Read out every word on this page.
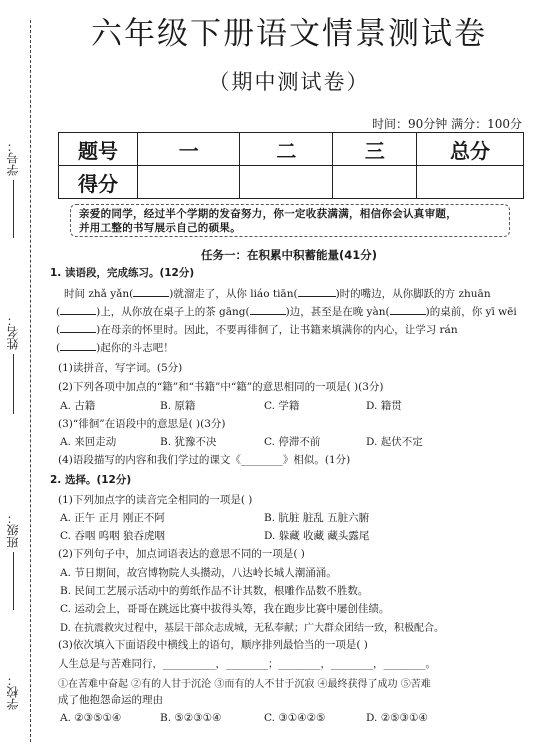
学号：
姓名：
班级：
学校：
六年级下册语文情景测试卷
（期中测试卷）
时间：90分钟 满分：100分
题号	一	二	三	总分
得分				
亲爱的同学，经过半个学期的发奋努力，你一定收获满满，相信你会认真审题，
并用工整的书写展示自己的硕果。
任务一：在积累中积蓄能量(41分)
1. 读语段，完成练习。(12分)
时间 zhǎ yǎn(	)就溜走了，从你 liáo tiān(	)时的嘴边，从你脚跃的方 zhuān
(	)上，从你放在桌子上的茶 gāng(	)边，甚至是在晚 yàn(	)的桌前，你 yī wēi
(	)在母亲的怀里时。因此，不要再徘徊了，让书籍来填满你的内心，让学习 rán
(	)起你的斗志吧！
(1)读拼音，写字词。(5分)
(2)下列各项中加点的“籍”和“书籍”中“籍”的意思相同的一项是( )(3分)
A. 古籍	B. 原籍	C. 学籍	D. 籍贯
(3)“徘徊”在语段中的意思是( )(3分)
A. 来回走动	B. 犹豫不决	C. 停滞不前	D. 起伏不定
(4)语段描写的内容和我们学过的课文《________》相似。(1分)
2. 选择。(12分)
(1)下列加点字的读音完全相同的一项是( )
A. 正午 正月 刚正不阿	B. 肮脏 脏乱 五脏六腑
C. 吞咽 呜咽 狼吞虎咽	D. 躲藏 收藏 藏头露尾
(2)下列句子中，加点词语表达的意思不同的一项是( )
A. 节日期间，故宫博物院人头攒动，八达岭长城人潮涌涌。
B. 民间工艺展示活动中的剪纸作品不计其数，根雕作品数不胜数。
C. 运动会上，哥哥在跳远比赛中拔得头筹，我在跑步比赛中屡创佳绩。
D. 在抗震救灾过程中，基层干部众志成城，无私奉献；广大群众团结一致，积极配合。
(3)依次填入下面语段中横线上的语句，顺序排列最恰当的一项是( )
人生总是与苦难同行，__________，________；________，________，________。
①在苦难中奋起 ②有的人甘于沉沦 ③而有的人不甘于沉寂 ④最终获得了成功 ⑤苦难
成了他抱怨命运的理由
A. ②③⑤①④	B. ⑤②③①④	C. ③①④②⑤	D. ②⑤③①④
